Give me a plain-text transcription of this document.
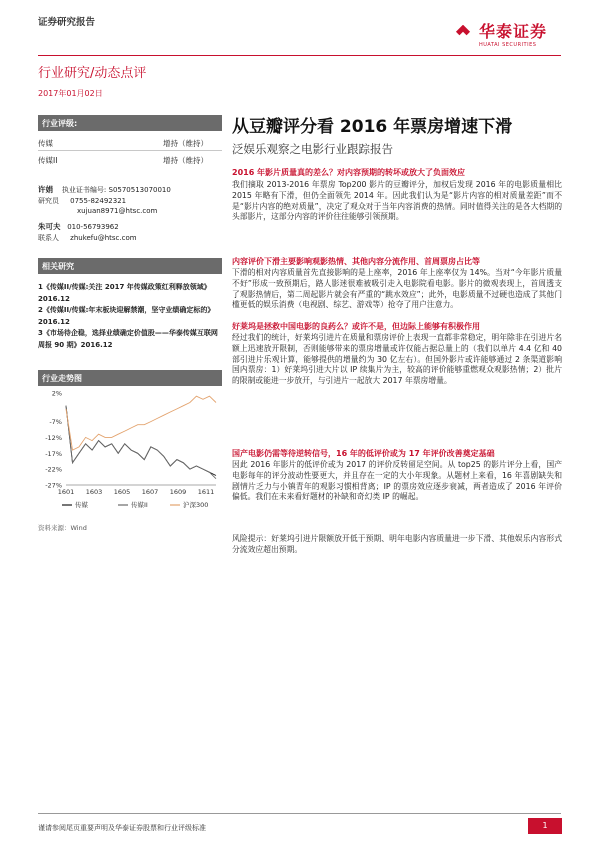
证券研究报告	华泰证券
HUATAI SECURITIES
行业研究/动态点评
2017年01月02日
行业评级:
传媒	增持（维持）
传媒II	增持（维持）
许娟 执业证书编号: S0570513070010
研究员 0755-82492321
xujuan8971@htsc.com
朱可夫 010-56793962
联系人 zhukefu@htsc.com
相关研究
1《传媒II/传媒:关注 2017 年传媒政策红利释放领域》2016.12
2《传媒II/传媒:年末板块迎解禁潮，坚守业绩确定标的》2016.12
3《市场待企稳，选择业绩确定价值股——华泰传媒互联网周报 90 期》2016.12
行业走势图
2%
-7%
-12%
-17%
-22%
-27%
1601 1603 1605 1607 1609 1611
传媒	传媒II	沪深300
资料来源：Wind
从豆瓣评分看 2016 年票房增速下滑
泛娱乐观察之电影行业跟踪报告
2016 年影片质量真的差么？对内容预期的转坏或放大了负面效应
我们摘取 2013-2016 年票房 Top200 影片的豆瓣评分，加权后发现 2016 年的电影质量相比 2015 年略有下滑，但仍全面领先 2014 年。因此我们认为是“影片内容的相对质量差距”而不是“影片内容的绝对质量”，决定了观众对于当年内容消费的热情。同时值得关注的是各大档期的头部影片，这部分内容的评价往往能够引领预期。
内容评价下滑主要影响观影热情、其他内容分流作用、首周票房占比等
下滑的相对内容质量首先直接影响的是上座率，2016 年上座率仅为 14%。当对“今年影片质量不好”形成一致预期后，路人影迷很难被吸引走入电影院看电影。影片的微观表现上，首周透支了观影热情后，第二周起影片就会有严重的“跳水效应”；此外，电影质量不过硬也造成了其他门槛更低的娱乐消费（电视剧、综艺、游戏等）抢夺了用户注意力。
好莱坞是拯救中国电影的良药么？或许不是，但边际上能够有积极作用
经过我们的统计，好莱坞引进片在质量和票房评价上表现一直都非常稳定，明年除非在引进片名额上迅速放开限制，否则能够带来的票房增量或许仅能占据总量上的（我们以单片 4.4 亿和 40 部引进片乐观计算，能够提供的增量约为 30 亿左右）。但国外影片或许能够通过 2 条渠道影响国内票房：1）好莱坞引进大片以 IP 续集片为主，较高的评价能够重燃观众观影热情；2）批片的限制或能进一步放开，与引进片一起放大 2017 年票房增量。
国产电影仍需等待逆转信号，16 年的低评价或为 17 年评价改善奠定基础
因此 2016 年影片的低评价或为 2017 的评价反转留足空间。从 top25 的影片评分上看，国产电影每年的评分波动性要更大，并且存在一定的大小年现象。从题材上来看，16 年喜剧缺失和剧情片乏力与小镇青年的观影习惯相背离；IP 的票房效应逐步衰减，两者造成了 2016 年评价偏低。我们在未来看好题材的补缺和奇幻类 IP 的崛起。
风险提示：好莱坞引进片限额放开低于预期、明年电影内容质量进一步下滑、其他娱乐内容形式分流效应超出预期。
谨请参阅尾页重要声明及华泰证券股票和行业评级标准	1
